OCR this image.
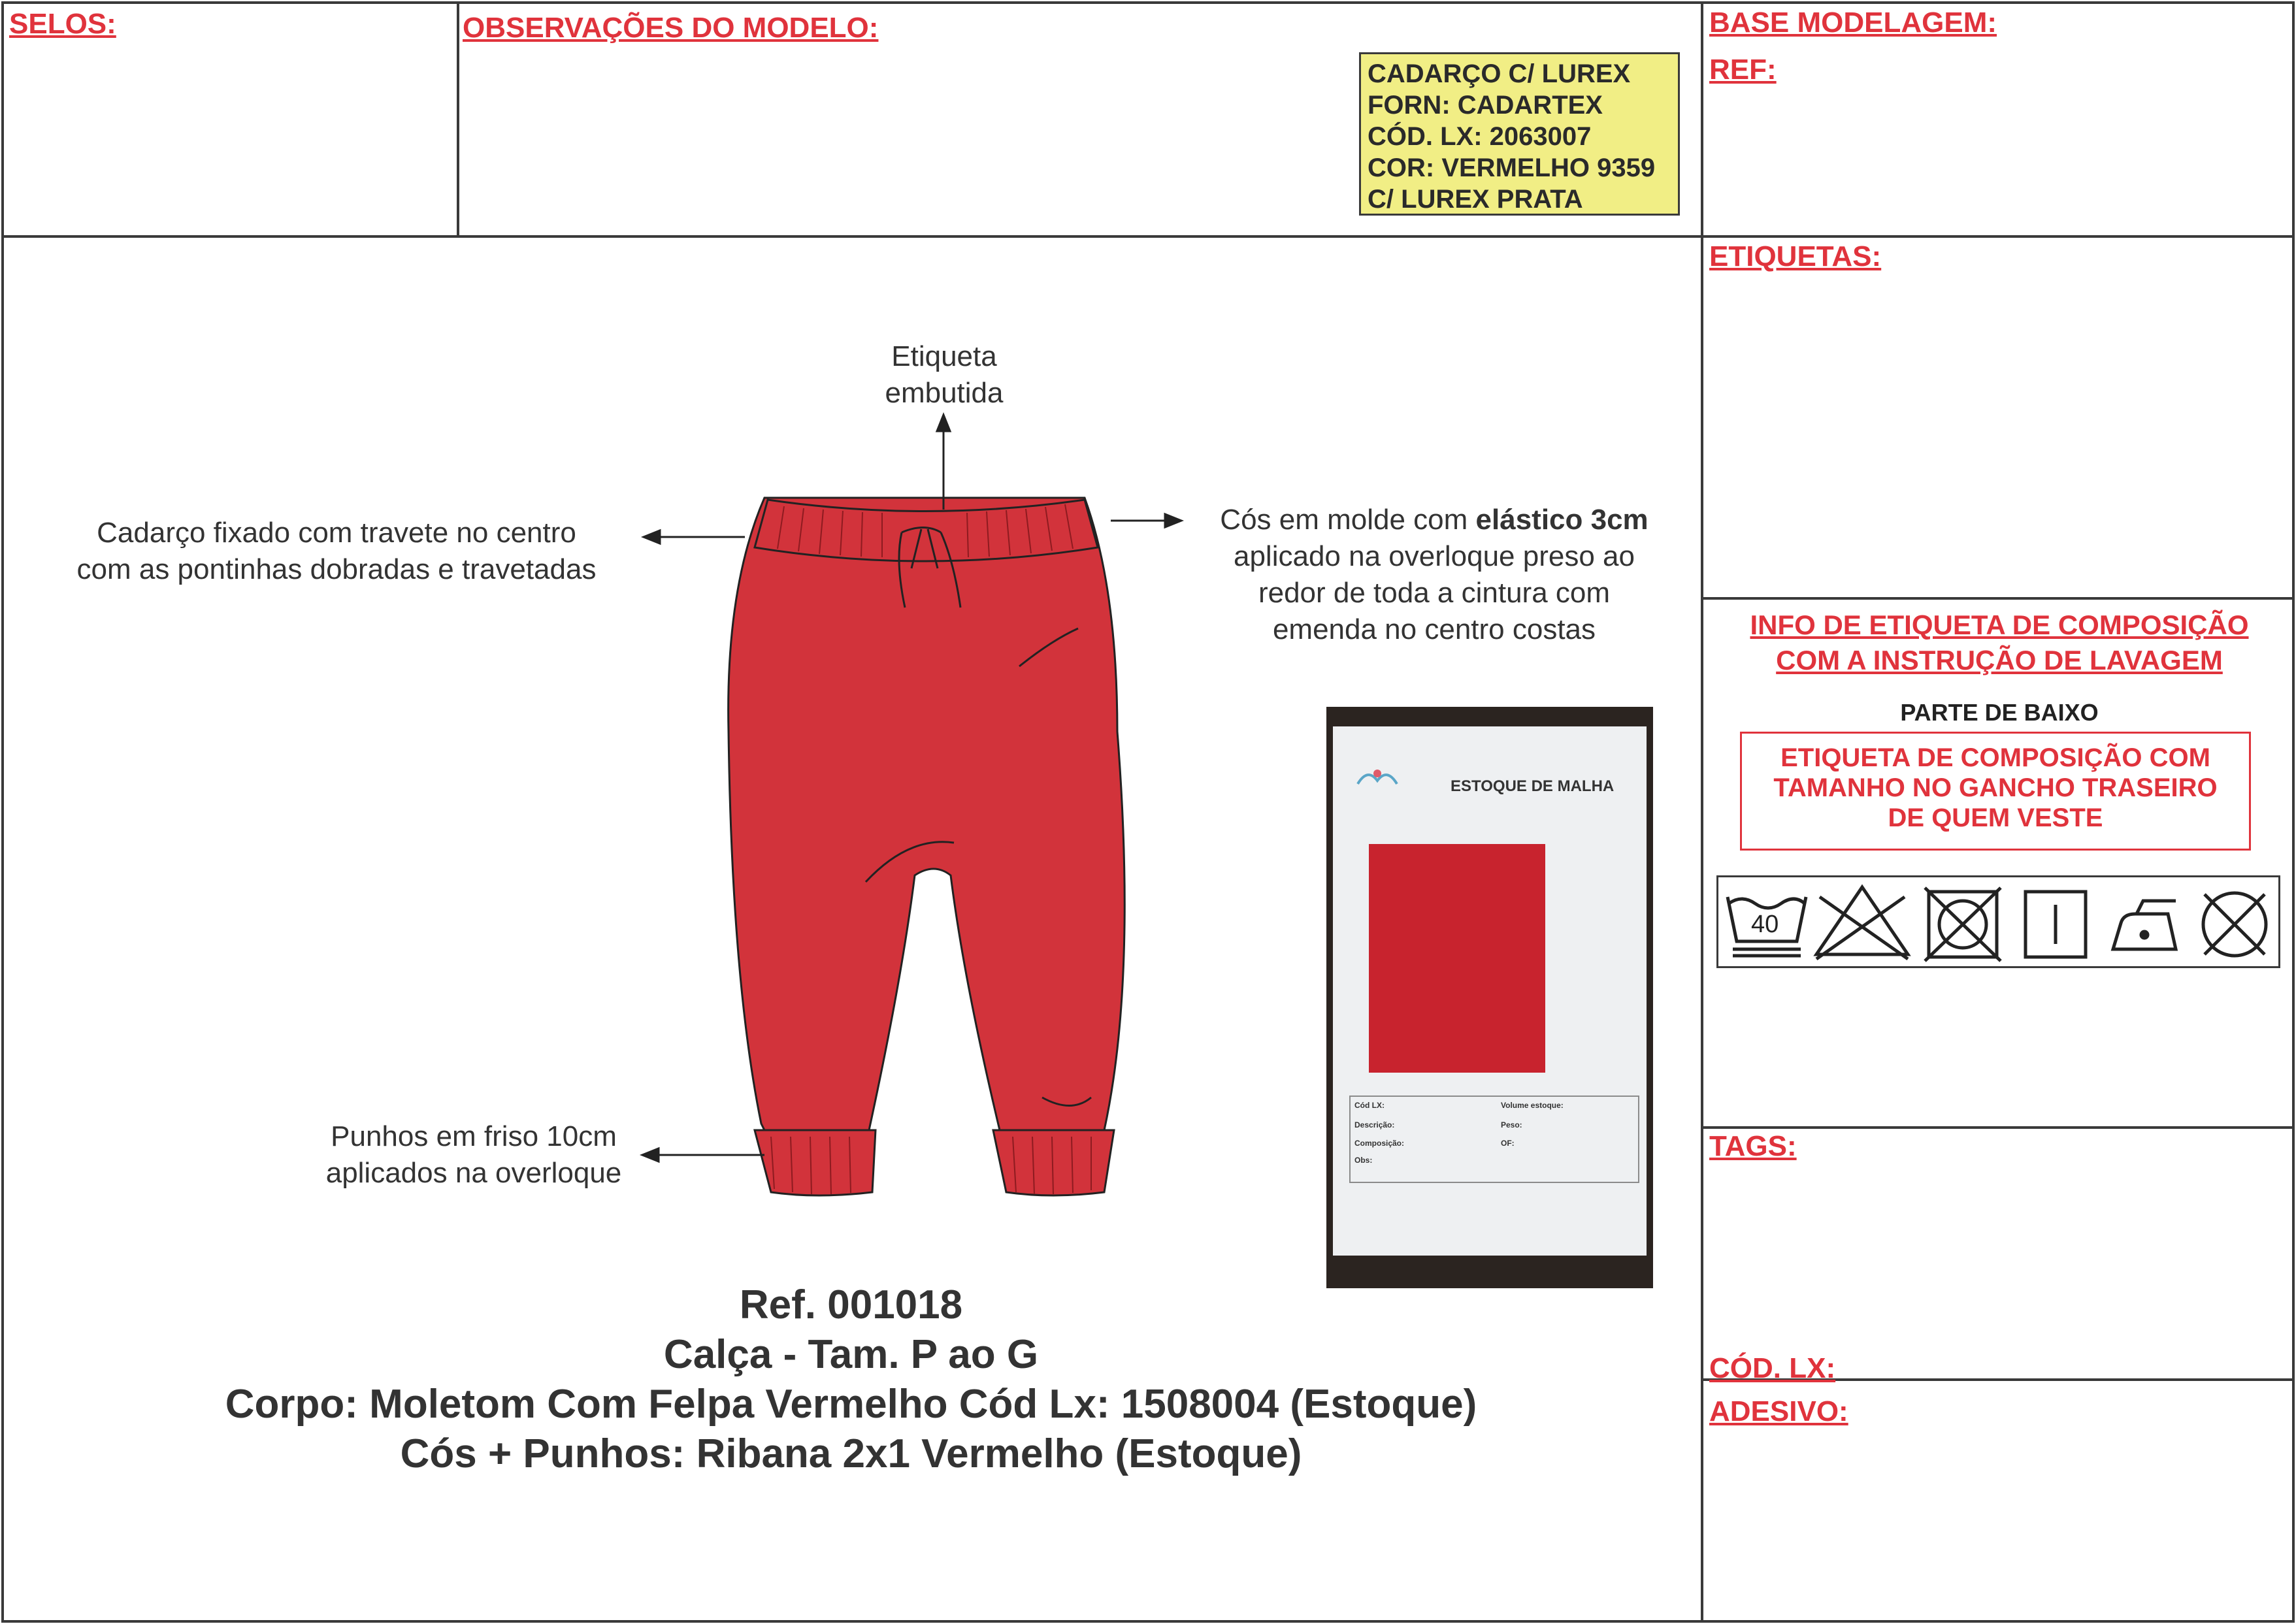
SELOS:	OBSERVAÇÕES DO MODELO:	BASE MODELAGEM:
REF:
CADARÇO C/ LUREX
FORN: CADARTEX
CÓD. LX: 2063007
COR: VERMELHO 9359
C/ LUREX PRATA
ETIQUETAS:
INFO DE ETIQUETA DE COMPOSIÇÃO
COM A INSTRUÇÃO DE LAVAGEM
PARTE DE BAIXO
ETIQUETA DE COMPOSIÇÃO COM
TAMANHO NO GANCHO TRASEIRO
DE QUEM VESTE
40
TAGS:
CÓD. LX:
ADESIVO:
Etiqueta
embutida
Cadarço fixado com travete no centro
com as pontinhas dobradas e travetadas
Cós em molde com elástico 3cm
aplicado na overloque preso ao
redor de toda a cintura com
emenda no centro costas
Punhos em friso 10cm
aplicados na overloque
ESTOQUE DE MALHA
Cód LX:	Volume estoque:
Descrição:	Peso:
Composição:	OF:
Obs:
Ref. 001018
Calça - Tam. P ao G
Corpo: Moletom Com Felpa Vermelho Cód Lx: 1508004 (Estoque)
Cós + Punhos: Ribana 2x1 Vermelho (Estoque)
